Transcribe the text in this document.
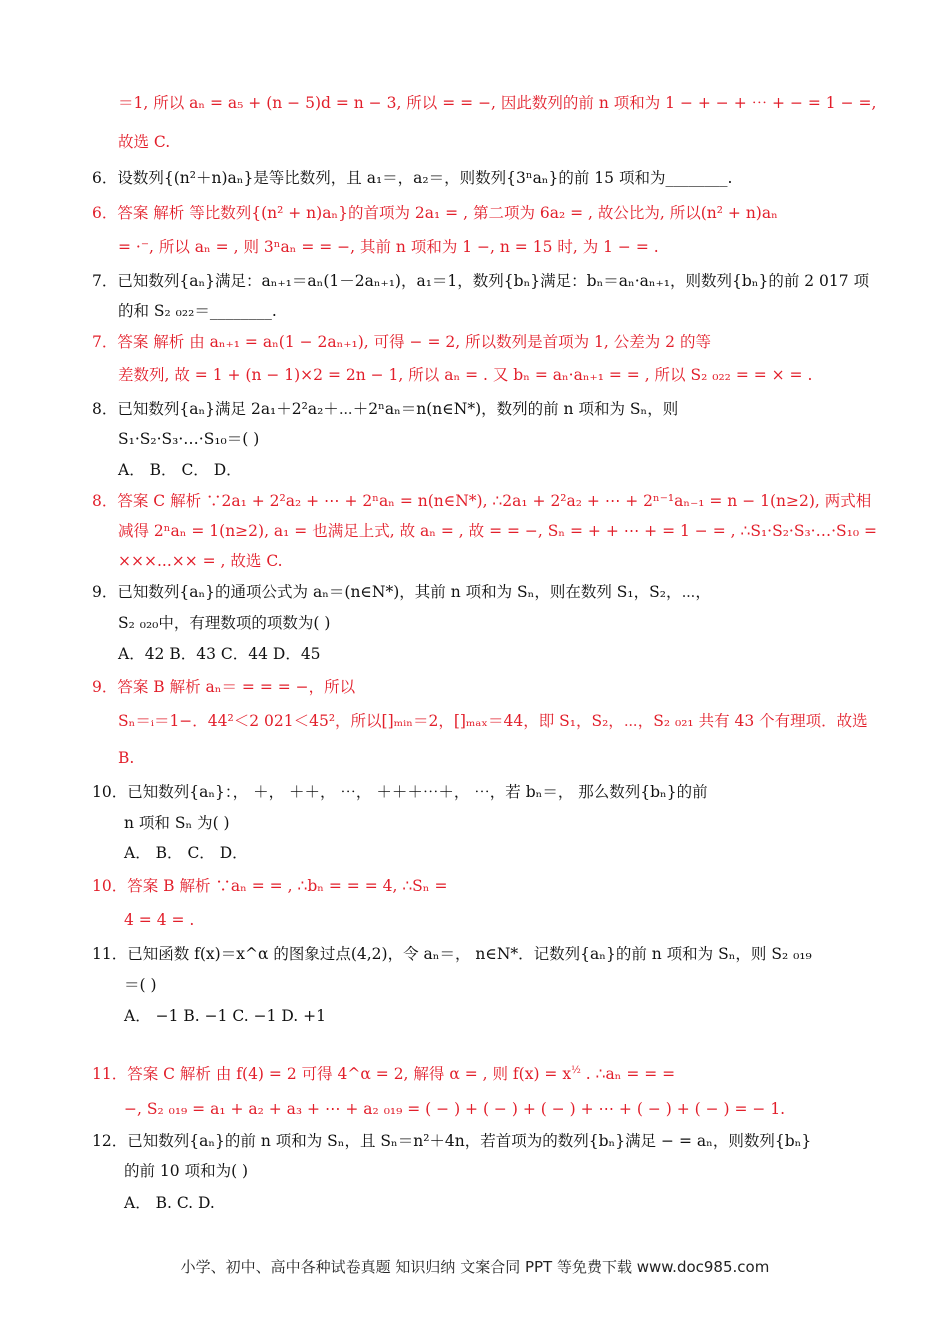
＝1, 所以 aₙ = a₅ + (n − 5)d = n − 3, 所以 = = −, 因此数列的前 n 项和为 1 − + − + ⋯ + − = 1 − =,
故选 C.
6．设数列{(n²＋n)aₙ}是等比数列，且 a₁＝，a₂＝，则数列{3ⁿaₙ}的前 15 项和为________.
6．答案 解析 等比数列{(n² + n)aₙ}的首项为 2a₁ = , 第二项为 6a₂ = , 故公比为, 所以(n² + n)aₙ
= ·⁻, 所以 aₙ = , 则 3ⁿaₙ = = −, 其前 n 项和为 1 −, n = 15 时, 为 1 − = .
7．已知数列{aₙ}满足：aₙ₊₁＝aₙ(1－2aₙ₊₁)，a₁＝1，数列{bₙ}满足：bₙ＝aₙ·aₙ₊₁，则数列{bₙ}的前 2 017 项
的和 S₂ ₀₂₂＝________.
7．答案 解析 由 aₙ₊₁ = aₙ(1 − 2aₙ₊₁), 可得 − = 2, 所以数列是首项为 1, 公差为 2 的等
差数列, 故 = 1 + (n − 1)×2 = 2n − 1, 所以 aₙ = . 又 bₙ = aₙ·aₙ₊₁ = = , 所以 S₂ ₀₂₂ = = × = .
8．已知数列{aₙ}满足 2a₁＋2²a₂＋⋯＋2ⁿaₙ＝n(n∈N*)，数列的前 n 项和为 Sₙ，则
S₁·S₂·S₃·…·S₁₀＝( )
A． B． C． D．
8．答案 C 解析 ∵2a₁ + 2²a₂ + ⋯ + 2ⁿaₙ = n(n∈N*), ∴2a₁ + 2²a₂ + ⋯ + 2ⁿ⁻¹aₙ₋₁ = n − 1(n≥2), 两式相
减得 2ⁿaₙ = 1(n≥2), a₁ = 也满足上式, 故 aₙ = , 故 = = −, Sₙ = + + ⋯ + = 1 − = , ∴S₁·S₂·S₃·…·S₁₀ =
×××...×× = , 故选 C.
9．已知数列{aₙ}的通项公式为 aₙ＝(n∈N*)，其前 n 项和为 Sₙ，则在数列 S₁，S₂，⋯，
S₂ ₀₂₀中，有理数项的项数为( )
A．42 B．43 C．44 D．45
9．答案 B 解析 aₙ＝ = = = −，所以
Sₙ＝ᵢ＝1−．44²＜2 021＜45²，所以[]ₘᵢₙ＝2，[]ₘₐₓ＝44，即 S₁，S₂，⋯，S₂ ₀₂₁ 共有 43 个有理项．故选
B.
10．已知数列{aₙ}：， ＋， ＋＋， ⋯， ＋＋＋⋯＋， ⋯，若 bₙ＝， 那么数列{bₙ}的前
n 项和 Sₙ 为( )
A． B． C． D．
10．答案 B 解析 ∵aₙ = = , ∴bₙ = = = 4, ∴Sₙ =
4 = 4 = .
11．已知函数 f(x)＝x^α 的图象过点(4,2)，令 aₙ＝， n∈N*．记数列{aₙ}的前 n 项和为 Sₙ，则 S₂ ₀₁₉
＝( )
A． −1 B. −1 C. −1 D. +1
11．答案 C 解析 由 f(4) = 2 可得 4^α = 2, 解得 α = , 则 $f(x) = x^{\frac{1}{2}}$ . ∴aₙ = = =
−, S₂ ₀₁₉ = a₁ + a₂ + a₃ + ⋯ + a₂ ₀₁₉ = ( − ) + ( − ) + ( − ) + ⋯ + ( − ) + ( − ) = − 1.
12．已知数列{aₙ}的前 n 项和为 Sₙ，且 Sₙ＝n²＋4n，若首项为的数列{bₙ}满足 − = aₙ，则数列{bₙ}
的前 10 项和为( )
A． B. C. D.
小学、初中、高中各种试卷真题 知识归纳 文案合同 PPT 等免费下载 www.doc985.com
